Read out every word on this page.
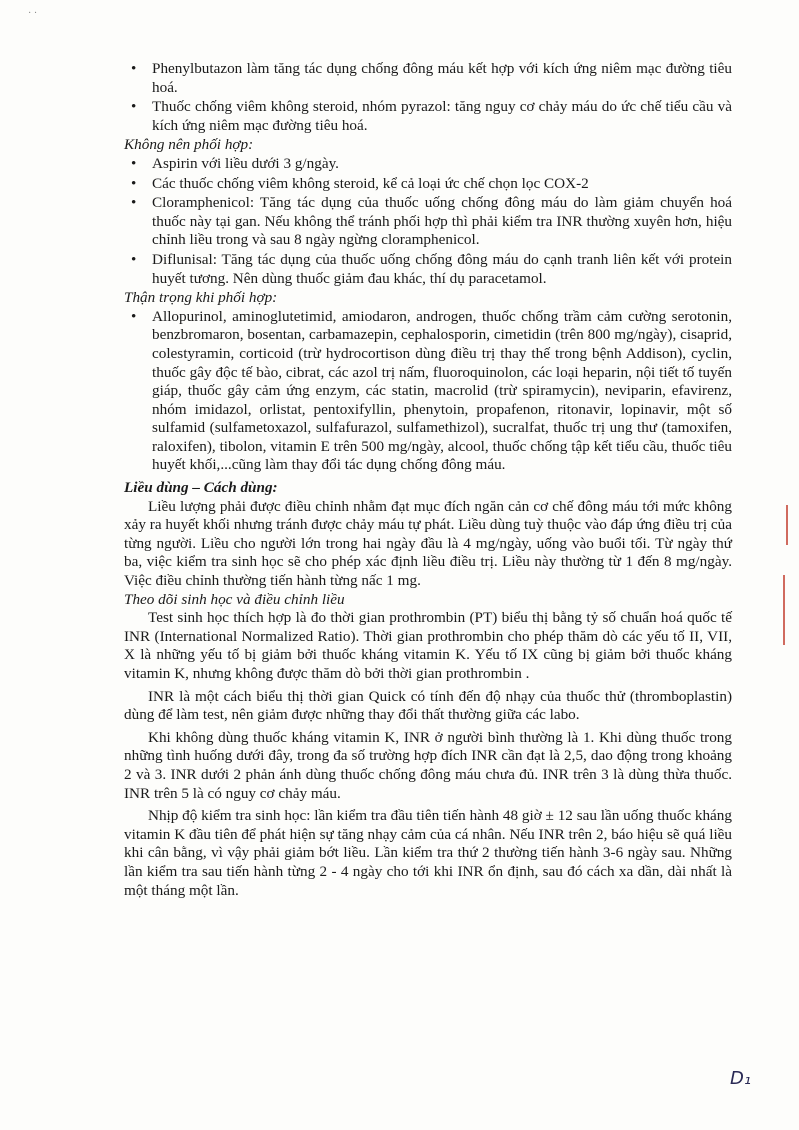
· ·
• Phenylbutazon làm tăng tác dụng chống đông máu kết hợp với kích ứng niêm mạc đường tiêu hoá.
• Thuốc chống viêm không steroid, nhóm pyrazol: tăng nguy cơ chảy máu do ức chế tiểu cầu và kích ứng niêm mạc đường tiêu hoá.

Không nên phối hợp:

• Aspirin với liều dưới 3 g/ngày.
• Các thuốc chống viêm không steroid, kể cả loại ức chế chọn lọc COX-2
• Cloramphenicol: Tăng tác dụng của thuốc uống chống đông máu do làm giảm chuyển hoá thuốc này tại gan. Nếu không thể tránh phối hợp thì phải kiểm tra INR thường xuyên hơn, hiệu chỉnh liều trong và sau 8 ngày ngừng cloramphenicol.
• Diflunisal: Tăng tác dụng của thuốc uống chống đông máu do cạnh tranh liên kết với protein huyết tương. Nên dùng thuốc giảm đau khác, thí dụ paracetamol.

Thận trọng khi phối hợp:

• Allopurinol, aminoglutetimid, amiodaron, androgen, thuốc chống trầm cảm cường serotonin, benzbromaron, bosentan, carbamazepin, cephalosporin, cimetidin (trên 800 mg/ngày), cisaprid, colestyramin, corticoid (trừ hydrocortison dùng điều trị thay thế trong bệnh Addison), cyclin, thuốc gây độc tế bào, cibrat, các azol trị nấm, fluoroquinolon, các loại heparin, nội tiết tố tuyến giáp, thuốc gây cảm ứng enzym, các statin, macrolid (trừ spiramycin), neviparin, efavirenz, nhóm imidazol, orlistat, pentoxifyllin, phenytoin, propafenon, ritonavir, lopinavir, một số sulfamid (sulfametoxazol, sulfafurazol, sulfamethizol), sucralfat, thuốc trị ung thư (tamoxifen, raloxifen), tibolon, vitamin E trên 500 mg/ngày, alcool, thuốc chống tập kết tiểu cầu, thuốc tiêu huyết khối,...cũng làm thay đổi tác dụng chống đông máu.

Liều dùng – Cách dùng:

Liều lượng phải được điều chỉnh nhằm đạt mục đích ngăn cản cơ chế đông máu tới mức không xảy ra huyết khối nhưng tránh được chảy máu tự phát. Liều dùng tuỳ thuộc vào đáp ứng điều trị của từng người. Liều cho người lớn trong hai ngày đầu là 4 mg/ngày, uống vào buổi tối. Từ ngày thứ ba, việc kiểm tra sinh học sẽ cho phép xác định liều điều trị. Liều này thường từ 1 đến 8 mg/ngày. Việc điều chỉnh thường tiến hành từng nấc 1 mg.

Theo dõi sinh học và điều chỉnh liều

Test sinh học thích hợp là đo thời gian prothrombin (PT) biểu thị bằng tỷ số chuẩn hoá quốc tế INR (International Normalized Ratio). Thời gian prothrombin cho phép thăm dò các yếu tố II, VII, X là những yếu tố bị giảm bởi thuốc kháng vitamin K. Yếu tố IX cũng bị giảm bởi thuốc kháng vitamin K, nhưng không được thăm dò bởi thời gian prothrombin .

INR là một cách biểu thị thời gian Quick có tính đến độ nhạy của thuốc thử (thromboplastin) dùng để làm test, nên giảm được những thay đổi thất thường giữa các labo.

Khi không dùng thuốc kháng vitamin K, INR ở người bình thường là 1. Khi dùng thuốc trong những tình huống dưới đây, trong đa số trường hợp đích INR cần đạt là 2,5, dao động trong khoảng 2 và 3. INR dưới 2 phản ánh dùng thuốc chống đông máu chưa đủ. INR trên 3 là dùng thừa thuốc. INR trên 5 là có nguy cơ chảy máu.

Nhịp độ kiểm tra sinh học: lần kiểm tra đầu tiên tiến hành 48 giờ ± 12 sau lần uống thuốc kháng vitamin K đầu tiên để phát hiện sự tăng nhạy cảm của cá nhân. Nếu INR trên 2, báo hiệu sẽ quá liều khi cân bằng, vì vậy phải giảm bớt liều. Lần kiểm tra thứ 2 thường tiến hành 3-6 ngày sau. Những lần kiểm tra sau tiến hành từng 2 - 4 ngày cho tới khi INR ổn định, sau đó cách xa dần, dài nhất là một tháng một lần.

D₁
